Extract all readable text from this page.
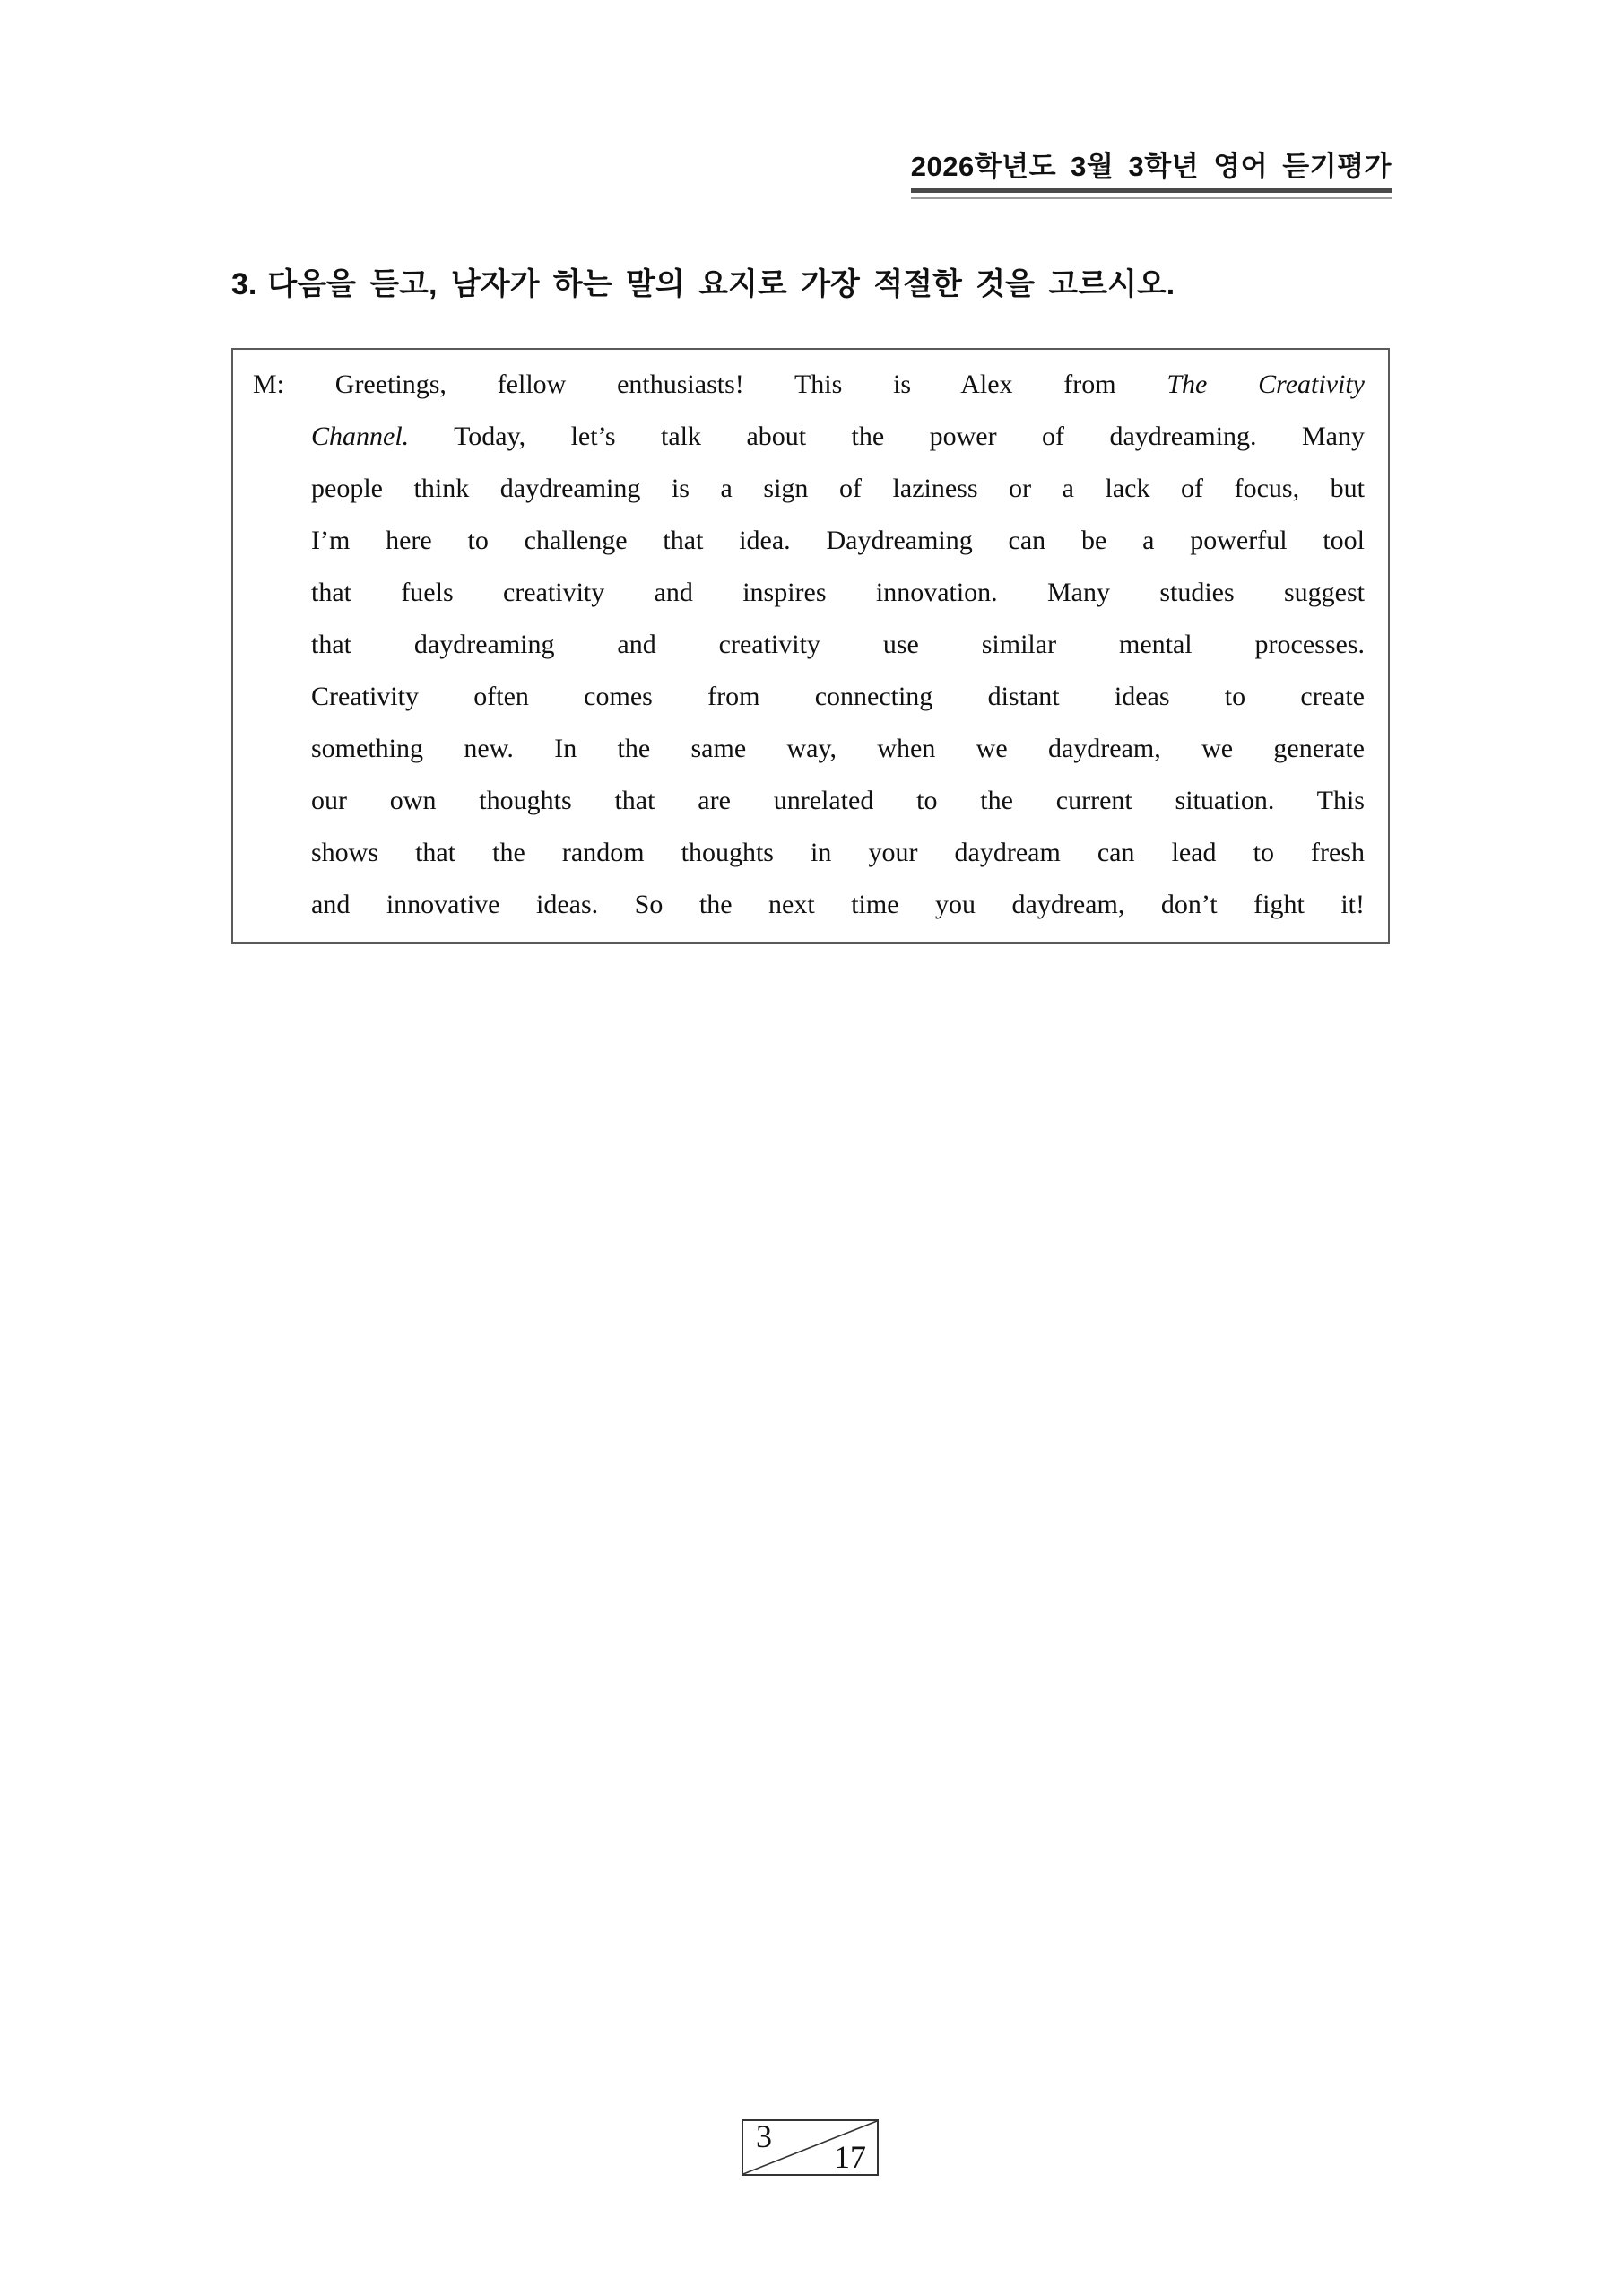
2026학년도 3월 3학년 영어 듣기평가
3. 다음을 듣고, 남자가 하는 말의 요지로 가장 적절한 것을 고르시오.
M: Greetings, fellow enthusiasts! This is Alex from The Creativity
Channel. Today, let’s talk about the power of daydreaming. Many
people think daydreaming is a sign of laziness or a lack of focus, but
I’m here to challenge that idea. Daydreaming can be a powerful tool
that fuels creativity and inspires innovation. Many studies suggest
that daydreaming and creativity use similar mental processes.
Creativity often comes from connecting distant ideas to create
something new. In the same way, when we daydream, we generate
our own thoughts that are unrelated to the current situation. This
shows that the random thoughts in your daydream can lead to fresh
and innovative ideas. So the next time you daydream, don’t fight it!
3
17
